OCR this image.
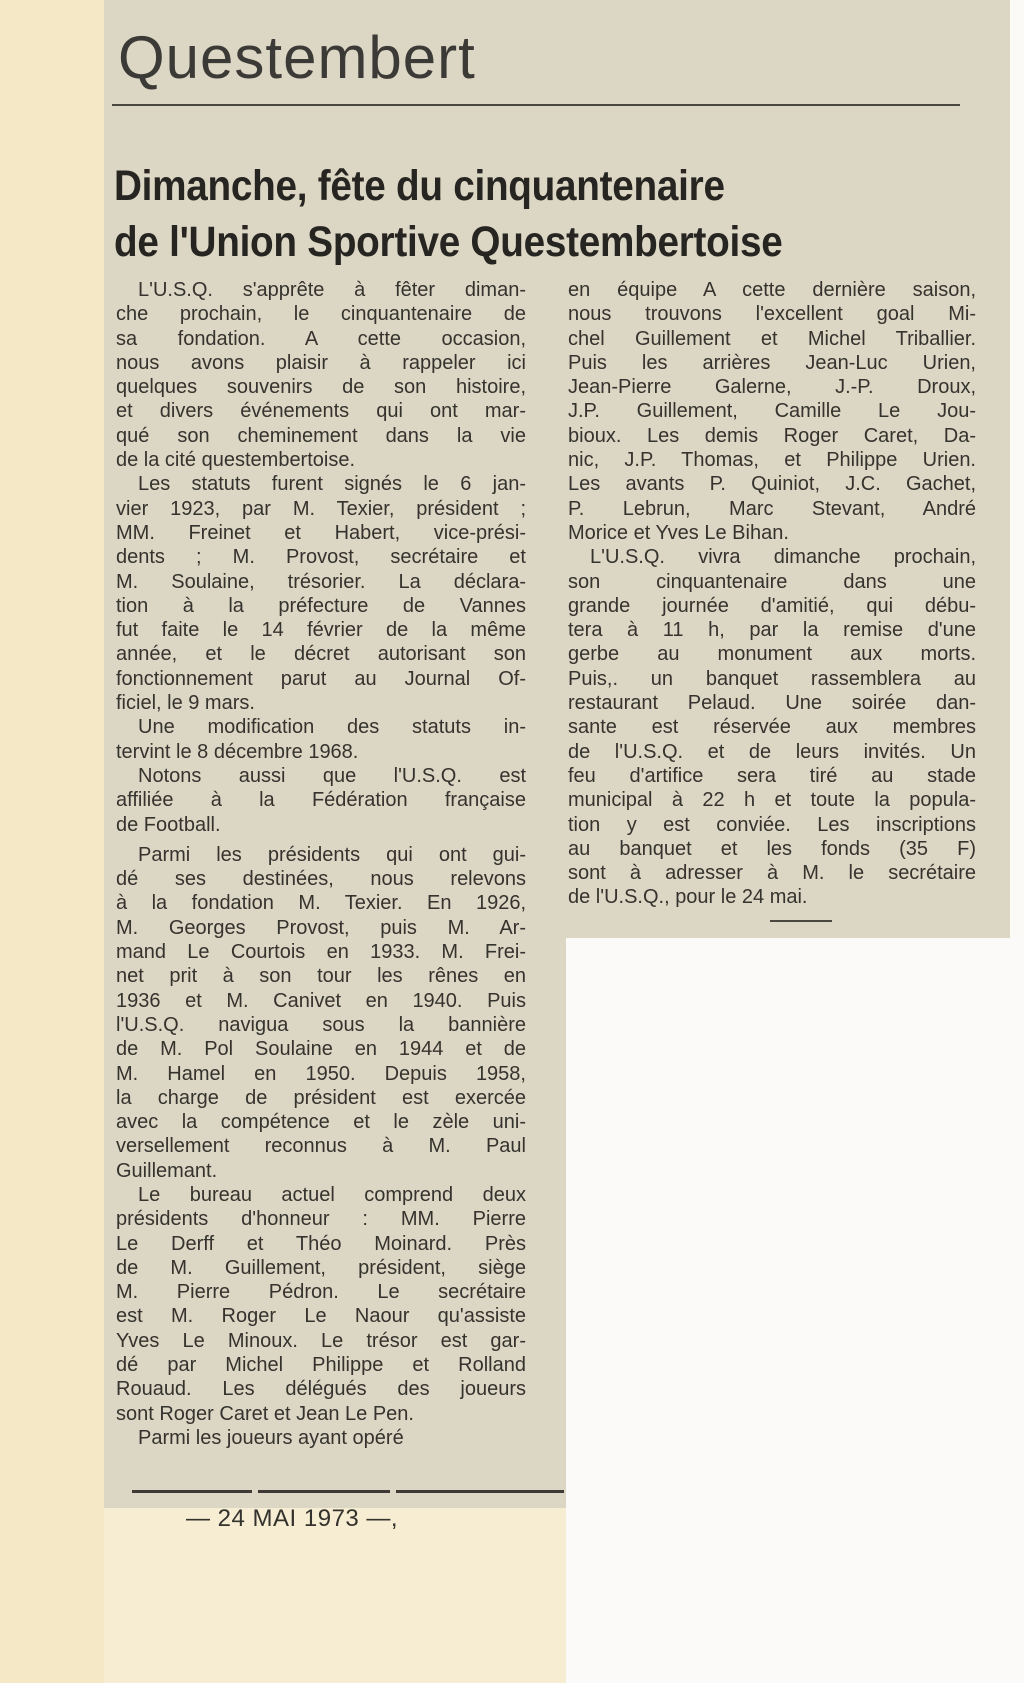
Questembert
Dimanche, fête du cinquantenaire
de l'Union Sportive Questembertoise
L'U.S.Q. s'apprête à fêter diman-
che prochain, le cinquantenaire de
sa fondation. A cette occasion,
nous avons plaisir à rappeler ici
quelques souvenirs de son histoire,
et divers événements qui ont mar-
qué son cheminement dans la vie
de la cité questembertoise.
Les statuts furent signés le 6 jan-
vier 1923, par M. Texier, président ;
MM. Freinet et Habert, vice-prési-
dents ; M. Provost, secrétaire et
M. Soulaine, trésorier. La déclara-
tion à la préfecture de Vannes
fut faite le 14 février de la même
année, et le décret autorisant son
fonctionnement parut au Journal Of-
ficiel, le 9 mars.
Une modification des statuts in-
tervint le 8 décembre 1968.
Notons aussi que l'U.S.Q. est
affiliée à la Fédération française
de Football.
Parmi les présidents qui ont gui-
dé ses destinées, nous relevons
à la fondation M. Texier. En 1926,
M. Georges Provost, puis M. Ar-
mand Le Courtois en 1933. M. Frei-
net prit à son tour les rênes en
1936 et M. Canivet en 1940. Puis
l'U.S.Q. navigua sous la bannière
de M. Pol Soulaine en 1944 et de
M. Hamel en 1950. Depuis 1958,
la charge de président est exercée
avec la compétence et le zèle uni-
versellement reconnus à M. Paul
Guillemant.
Le bureau actuel comprend deux
présidents d'honneur : MM. Pierre
Le Derff et Théo Moinard. Près
de M. Guillement, président, siège
M. Pierre Pédron. Le secrétaire
est M. Roger Le Naour qu'assiste
Yves Le Minoux. Le trésor est gar-
dé par Michel Philippe et Rolland
Rouaud. Les délégués des joueurs
sont Roger Caret et Jean Le Pen.
Parmi les joueurs ayant opéré
en équipe A cette dernière saison,
nous trouvons l'excellent goal Mi-
chel Guillement et Michel Triballier.
Puis les arrières Jean-Luc Urien,
Jean-Pierre Galerne, J.-P. Droux,
J.P. Guillement, Camille Le Jou-
bioux. Les demis Roger Caret, Da-
nic, J.P. Thomas, et Philippe Urien.
Les avants P. Quiniot, J.C. Gachet,
P. Lebrun, Marc Stevant, André
Morice et Yves Le Bihan.
L'U.S.Q. vivra dimanche prochain,
son cinquantenaire dans une
grande journée d'amitié, qui débu-
tera à 11 h, par la remise d'une
gerbe au monument aux morts.
Puis,. un banquet rassemblera au
restaurant Pelaud. Une soirée dan-
sante est réservée aux membres
de l'U.S.Q. et de leurs invités. Un
feu d'artifice sera tiré au stade
municipal à 22 h et toute la popula-
tion y est conviée. Les inscriptions
au banquet et les fonds (35 F)
sont à adresser à M. le secrétaire
de l'U.S.Q., pour le 24 mai.

— 24 MAI 1973 —,
